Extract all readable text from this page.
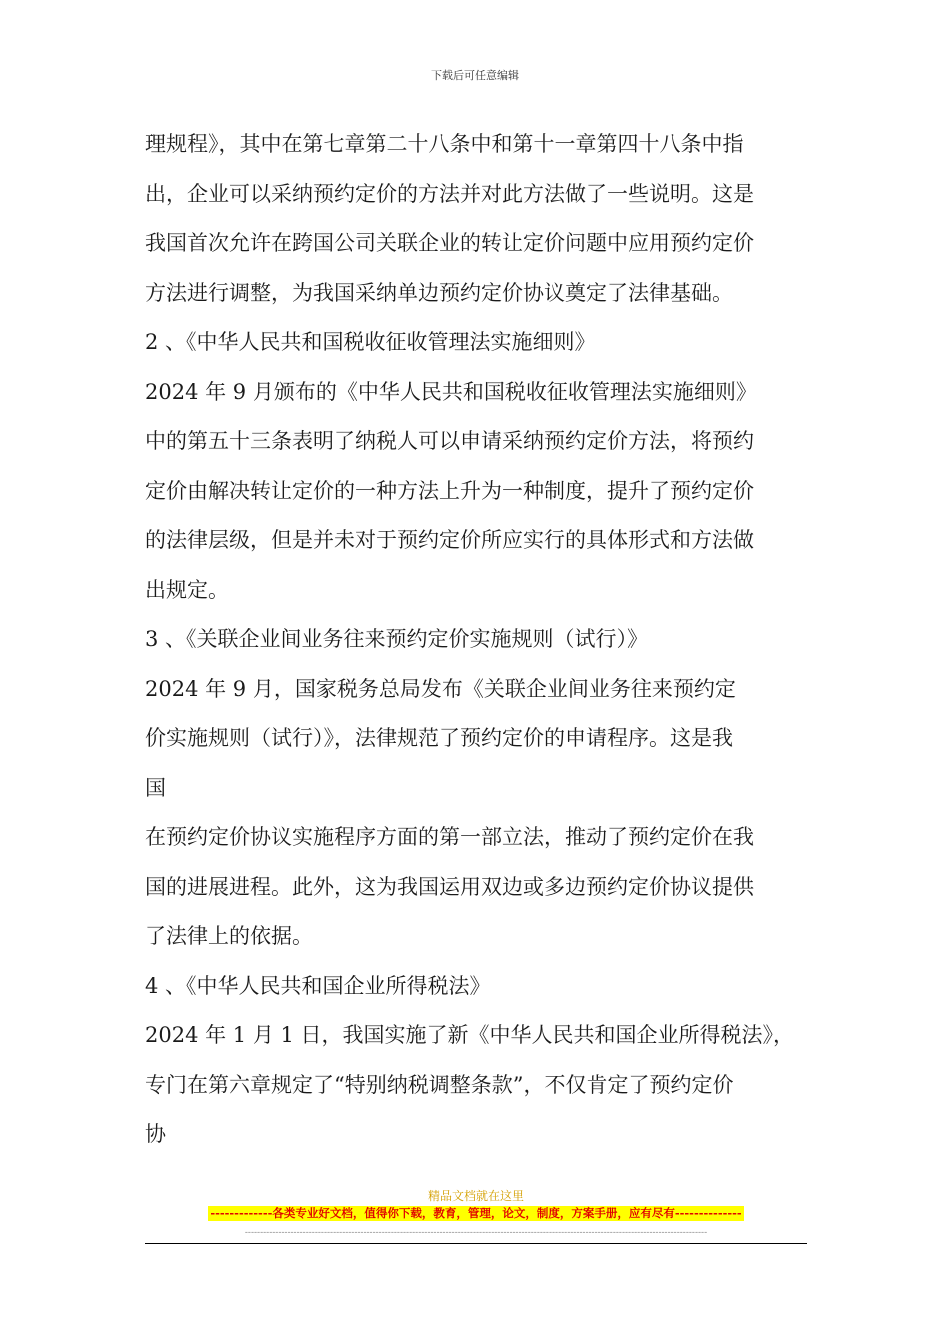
下载后可任意编辑
理规程》，其中在第七章第二十八条中和第十一章第四十八条中指
出，企业可以采纳预约定价的方法并对此方法做了一些说明。这是
我国首次允许在跨国公司关联企业的转让定价问题中应用预约定价
方法进行调整，为我国采纳单边预约定价协议奠定了法律基础。
2 、《中华人民共和国税收征收管理法实施细则》
2024 年 9 月颁布的《中华人民共和国税收征收管理法实施细则》
中的第五十三条表明了纳税人可以申请采纳预约定价方法，将预约
定价由解决转让定价的一种方法上升为一种制度，提升了预约定价
的法律层级，但是并未对于预约定价所应实行的具体形式和方法做
出规定。
3 、《关联企业间业务往来预约定价实施规则（试行）》
2024 年 9 月，国家税务总局发布《关联企业间业务往来预约定
价实施规则（试行）》，法律规范了预约定价的申请程序。这是我
国
在预约定价协议实施程序方面的第一部立法，推动了预约定价在我
国的进展进程。此外，这为我国运用双边或多边预约定价协议提供
了法律上的依据。
4 、《中华人民共和国企业所得税法》
2024 年 1 月 1 日，我国实施了新《中华人民共和国企业所得税法》，
专门在第六章规定了“特别纳税调整条款”，不仅肯定了预约定价
协
精品文档就在这里
-------------各类专业好文档，值得你下载，教育，管理，论文，制度，方案手册，应有尽有--------------
--------------------------------------------------------------------------------------------------------------------------------------------------------
